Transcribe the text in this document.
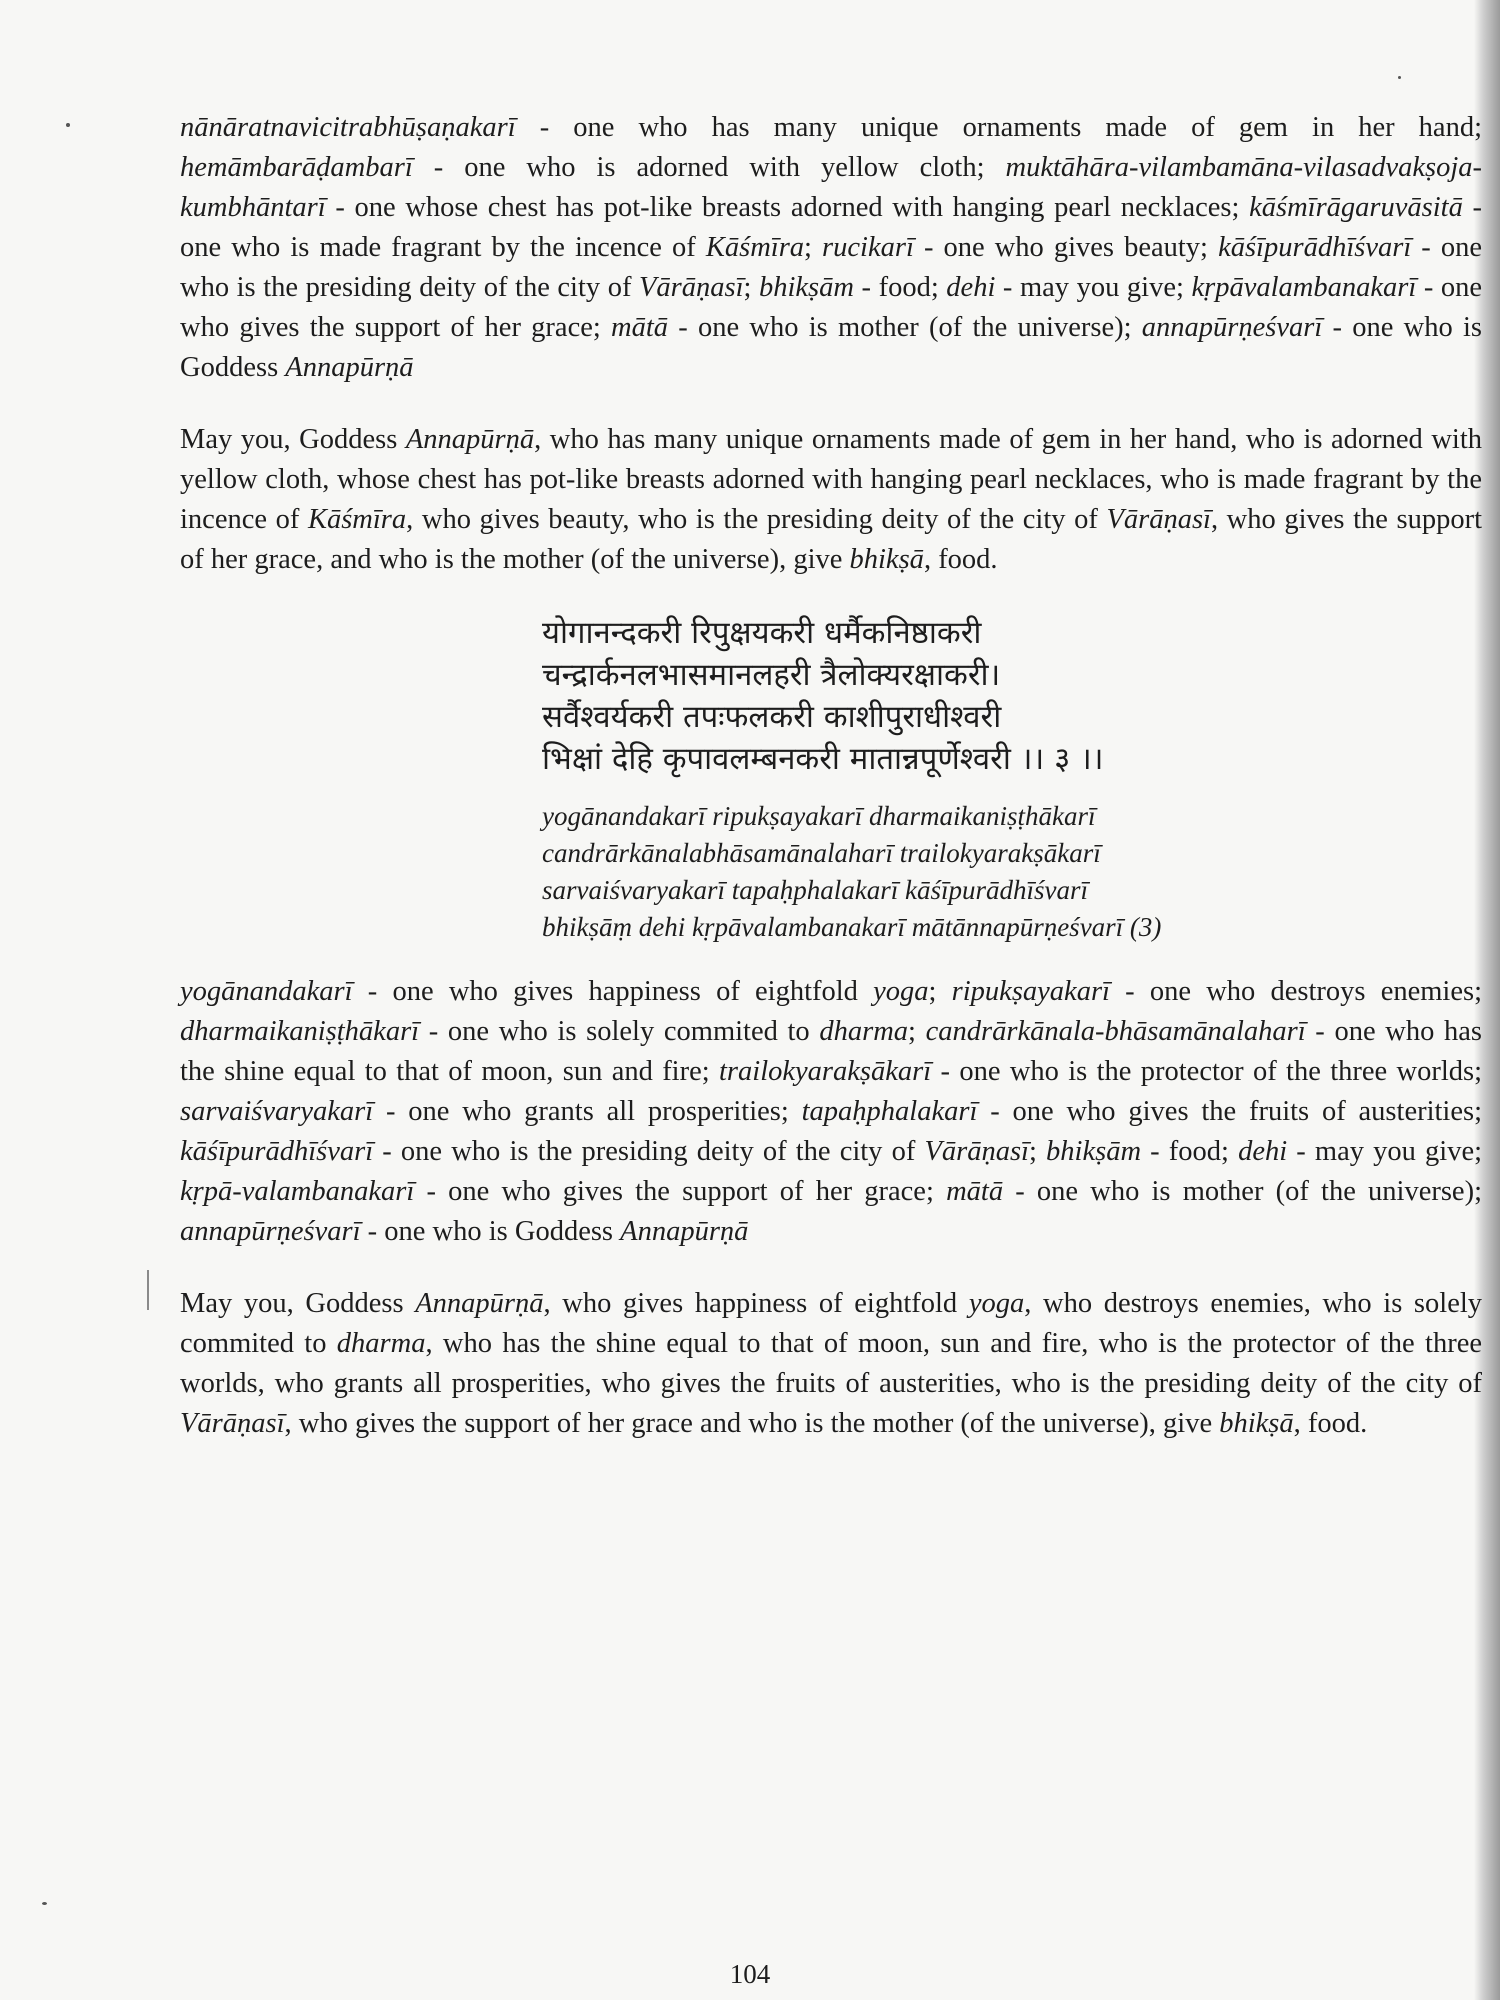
nānāratnavicitrabhūṣaṇakarī - one who has many unique ornaments made of gem in her hand; hemāmbarāḍambarī - one who is adorned with yellow cloth; muktāhāra-vilambamāna-vilasadvakṣoja-kumbhāntarī - one whose chest has pot-like breasts adorned with hanging pearl necklaces; kāśmīrāgaruvāsitā - one who is made fragrant by the incence of Kāśmīra; rucikarī - one who gives beauty; kāśīpurādhīśvarī - one who is the presiding deity of the city of Vārāṇasī; bhikṣām - food; dehi - may you give; kṛpāvalambanakarī - one who gives the support of her grace; mātā - one who is mother (of the universe); annapūrṇeśvarī - one who is Goddess Annapūrṇā

May you, Goddess Annapūrṇā, who has many unique ornaments made of gem in her hand, who is adorned with yellow cloth, whose chest has pot-like breasts adorned with hanging pearl necklaces, who is made fragrant by the incence of Kāśmīra, who gives beauty, who is the presiding deity of the city of Vārāṇasī, who gives the support of her grace, and who is the mother (of the universe), give bhikṣā, food.

योगानन्दकरी रिपुक्षयकरी धर्मैकनिष्ठाकरी
चन्द्रार्कनलभासमानलहरी त्रैलोक्यरक्षाकरी।
सर्वैश्वर्यकरी तपःफलकरी काशीपुराधीश्वरी
भिक्षां देहि कृपावलम्बनकरी मातान्नपूर्णेश्वरी ।। ३ ।।
yogānandakarī ripukṣayakarī dharmaikaniṣṭhākarī
candrārkānalabhāsamānalaharī trailokyarakṣākarī
sarvaiśvaryakarī tapaḥphalakarī kāśīpurādhīśvarī
bhikṣāṃ dehi kṛpāvalambanakarī mātānnapūrṇeśvarī (3)

yogānandakarī - one who gives happiness of eightfold yoga; ripukṣayakarī - one who destroys enemies; dharmaikaniṣṭhākarī - one who is solely commited to dharma; candrārkānala-bhāsamānalaharī - one who has the shine equal to that of moon, sun and fire; trailokyarakṣākarī - one who is the protector of the three worlds; sarvaiśvaryakarī - one who grants all prosperities; tapaḥphalakarī - one who gives the fruits of austerities; kāśīpurādhīśvarī - one who is the presiding deity of the city of Vārāṇasī; bhikṣām - food; dehi - may you give; kṛpā-valambanakarī - one who gives the support of her grace; mātā - one who is mother (of the universe); annapūrṇeśvarī - one who is Goddess Annapūrṇā

May you, Goddess Annapūrṇā, who gives happiness of eightfold yoga, who destroys enemies, who is solely commited to dharma, who has the shine equal to that of moon, sun and fire, who is the protector of the three worlds, who grants all prosperities, who gives the fruits of austerities, who is the presiding deity of the city of Vārāṇasī, who gives the support of her grace and who is the mother (of the universe), give bhikṣā, food.

104
